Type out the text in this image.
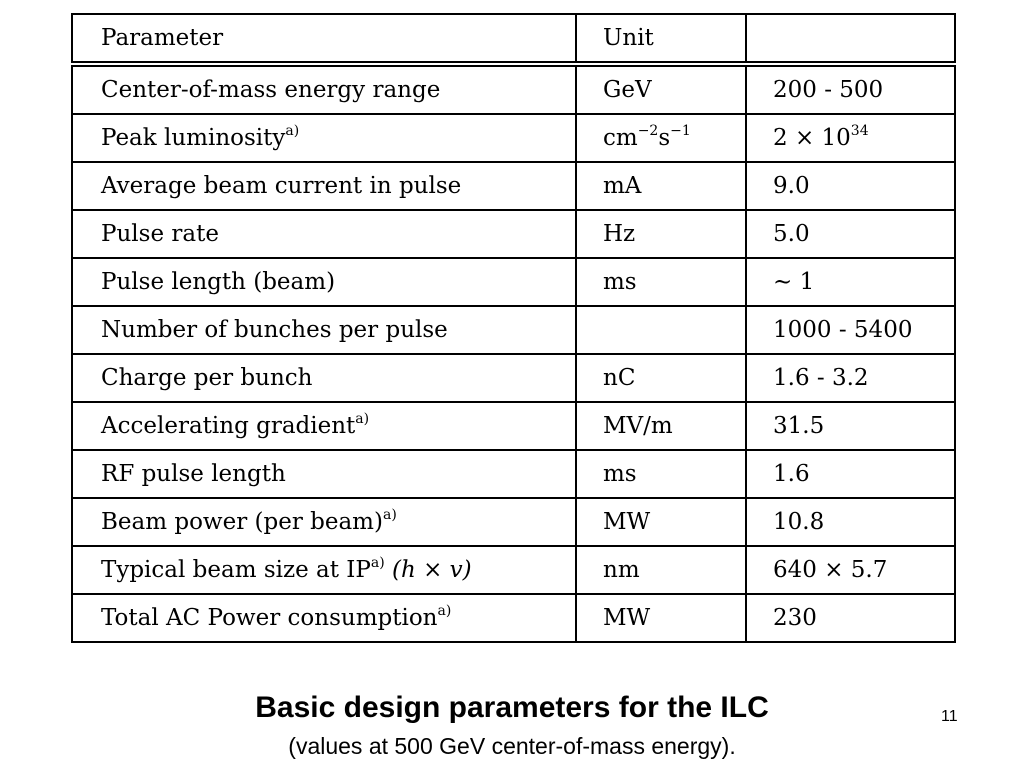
Parameter	Unit	
Center-of-mass energy range	GeV	200 - 500
Peak luminosity$^{a)}$	$cm^{-2}s^{-1}$	$2 \times 10^{34}$
Average beam current in pulse	mA	9.0
Pulse rate	Hz	5.0
Pulse length (beam)	ms	∼ 1
Number of bunches per pulse		1000 - 5400
Charge per bunch	nC	1.6 - 3.2
Accelerating gradient$^{a)}$	MV/m	31.5
RF pulse length	ms	1.6
Beam power (per beam)$^{a)}$	MW	10.8
Typical beam size at IP$^{a)}$ (h × v)	nm	640 × 5.7
Total AC Power consumption$^{a)}$	MW	230
Basic design parameters for the ILC
(values at 500 GeV center-of-mass energy).
11
